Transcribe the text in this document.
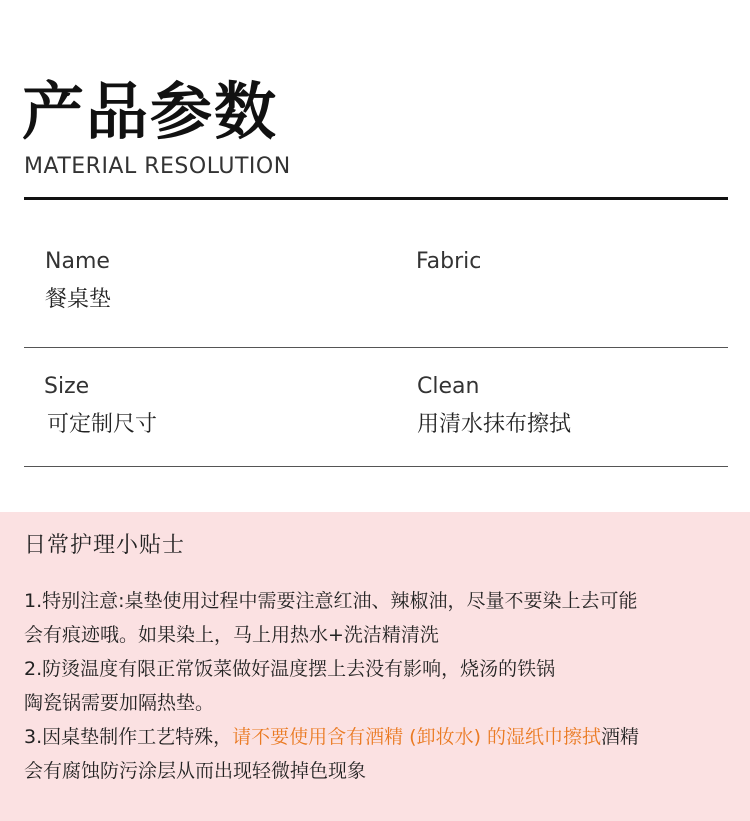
产品参数
MATERIAL RESOLUTION
Name
餐桌垫
Fabric
Size
可定制尺寸
Clean
用清水抹布擦拭
日常护理小贴士

1.特别注意:桌垫使用过程中需要注意红油、辣椒油，尽量不要染上去可能

会有痕迹哦。如果染上，马上用热水+洗洁精清洗

2.防烫温度有限正常饭菜做好温度摆上去没有影响，烧汤的铁锅

陶瓷锅需要加隔热垫。

3.因桌垫制作工艺特殊，请不要使用含有酒精 (卸妆水) 的湿纸巾擦拭酒精

会有腐蚀防污涂层从而出现轻微掉色现象
